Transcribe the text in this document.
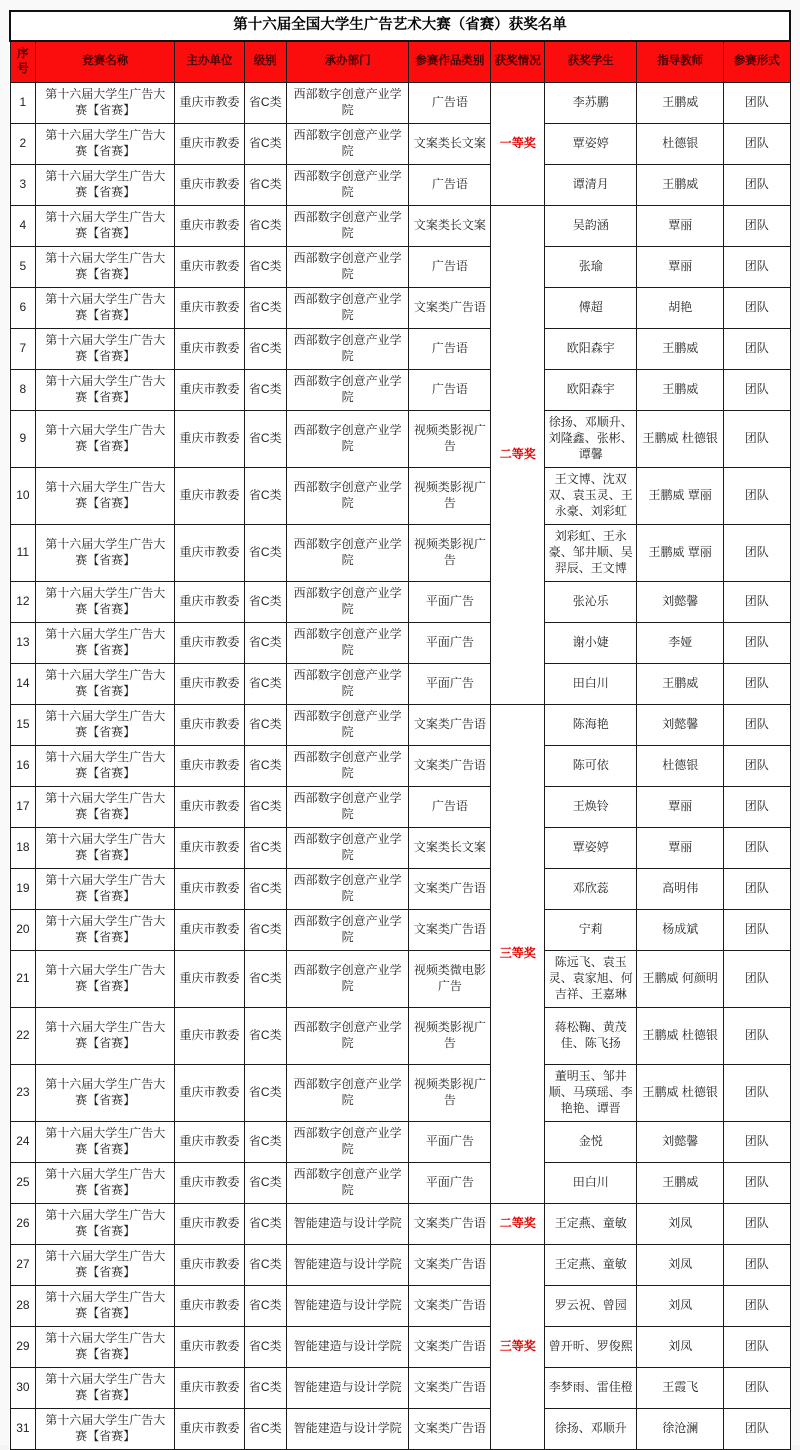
第十六届全国大学生广告艺术大赛（省赛）获奖名单									
序号	竞赛名称	主办单位	级别	承办部门	参赛作品类别	获奖情况	获奖学生	指导教师	参赛形式
1	第十六届大学生广告大赛【省赛】	重庆市教委	省C类	西部数字创意产业学院	广告语	一等奖	李苏鹏	王鹏威	团队
2	第十六届大学生广告大赛【省赛】	重庆市教委	省C类	西部数字创意产业学院	文案类长文案		覃姿婷	杜德银	团队
3	第十六届大学生广告大赛【省赛】	重庆市教委	省C类	西部数字创意产业学院	广告语		谭清月	王鹏威	团队
4	第十六届大学生广告大赛【省赛】	重庆市教委	省C类	西部数字创意产业学院	文案类长文案	二等奖	吴韵涵	覃丽	团队
5	第十六届大学生广告大赛【省赛】	重庆市教委	省C类	西部数字创意产业学院	广告语		张瑜	覃丽	团队
6	第十六届大学生广告大赛【省赛】	重庆市教委	省C类	西部数字创意产业学院	文案类广告语		傅超	胡艳	团队
7	第十六届大学生广告大赛【省赛】	重庆市教委	省C类	西部数字创意产业学院	广告语		欧阳森宇	王鹏威	团队
8	第十六届大学生广告大赛【省赛】	重庆市教委	省C类	西部数字创意产业学院	广告语		欧阳森宇	王鹏威	团队
9	第十六届大学生广告大赛【省赛】	重庆市教委	省C类	西部数字创意产业学院	视频类影视广告		徐扬、邓顺升、刘隆鑫、张彬、谭馨	王鹏威 杜德银	团队
10	第十六届大学生广告大赛【省赛】	重庆市教委	省C类	西部数字创意产业学院	视频类影视广告		王文博、沈双双、袁玉灵、王永豪、刘彩虹	王鹏威 覃丽	团队
11	第十六届大学生广告大赛【省赛】	重庆市教委	省C类	西部数字创意产业学院	视频类影视广告		刘彩虹、王永豪、邹井顺、吴羿辰、王文博	王鹏威 覃丽	团队
12	第十六届大学生广告大赛【省赛】	重庆市教委	省C类	西部数字创意产业学院	平面广告		张沁乐	刘懿馨	团队
13	第十六届大学生广告大赛【省赛】	重庆市教委	省C类	西部数字创意产业学院	平面广告		谢小婕	李娅	团队
14	第十六届大学生广告大赛【省赛】	重庆市教委	省C类	西部数字创意产业学院	平面广告		田白川	王鹏威	团队
15	第十六届大学生广告大赛【省赛】	重庆市教委	省C类	西部数字创意产业学院	文案类广告语	三等奖	陈海艳	刘懿馨	团队
16	第十六届大学生广告大赛【省赛】	重庆市教委	省C类	西部数字创意产业学院	文案类广告语		陈可依	杜德银	团队
17	第十六届大学生广告大赛【省赛】	重庆市教委	省C类	西部数字创意产业学院	广告语		王焕铃	覃丽	团队
18	第十六届大学生广告大赛【省赛】	重庆市教委	省C类	西部数字创意产业学院	文案类长文案		覃姿婷	覃丽	团队
19	第十六届大学生广告大赛【省赛】	重庆市教委	省C类	西部数字创意产业学院	文案类广告语		邓欣蕊	高明伟	团队
20	第十六届大学生广告大赛【省赛】	重庆市教委	省C类	西部数字创意产业学院	文案类广告语		宁莉	杨成斌	团队
21	第十六届大学生广告大赛【省赛】	重庆市教委	省C类	西部数字创意产业学院	视频类微电影广告		陈远飞、袁玉灵、袁家旭、何吉祥、王嘉琳	王鹏威 何颜明	团队
22	第十六届大学生广告大赛【省赛】	重庆市教委	省C类	西部数字创意产业学院	视频类影视广告		蒋松鞠、黄茂佳、陈飞扬	王鹏威 杜德银	团队
23	第十六届大学生广告大赛【省赛】	重庆市教委	省C类	西部数字创意产业学院	视频类影视广告		董明玉、邹井顺、马瑛瑶、李艳艳、谭晋	王鹏威 杜德银	团队
24	第十六届大学生广告大赛【省赛】	重庆市教委	省C类	西部数字创意产业学院	平面广告		金悦	刘懿馨	团队
25	第十六届大学生广告大赛【省赛】	重庆市教委	省C类	西部数字创意产业学院	平面广告		田白川	王鹏威	团队
26	第十六届大学生广告大赛【省赛】	重庆市教委	省C类	智能建造与设计学院	文案类广告语	二等奖	王定燕、童敏	刘凤	团队
27	第十六届大学生广告大赛【省赛】	重庆市教委	省C类	智能建造与设计学院	文案类广告语	三等奖	王定燕、童敏	刘凤	团队
28	第十六届大学生广告大赛【省赛】	重庆市教委	省C类	智能建造与设计学院	文案类广告语		罗云祝、曾园	刘凤	团队
29	第十六届大学生广告大赛【省赛】	重庆市教委	省C类	智能建造与设计学院	文案类广告语		曾开昕、罗俊熙	刘凤	团队
30	第十六届大学生广告大赛【省赛】	重庆市教委	省C类	智能建造与设计学院	文案类广告语		李梦雨、雷佳橙	王霞飞	团队
31	第十六届大学生广告大赛【省赛】	重庆市教委	省C类	智能建造与设计学院	文案类广告语		徐扬、邓顺升	徐沧澜	团队
